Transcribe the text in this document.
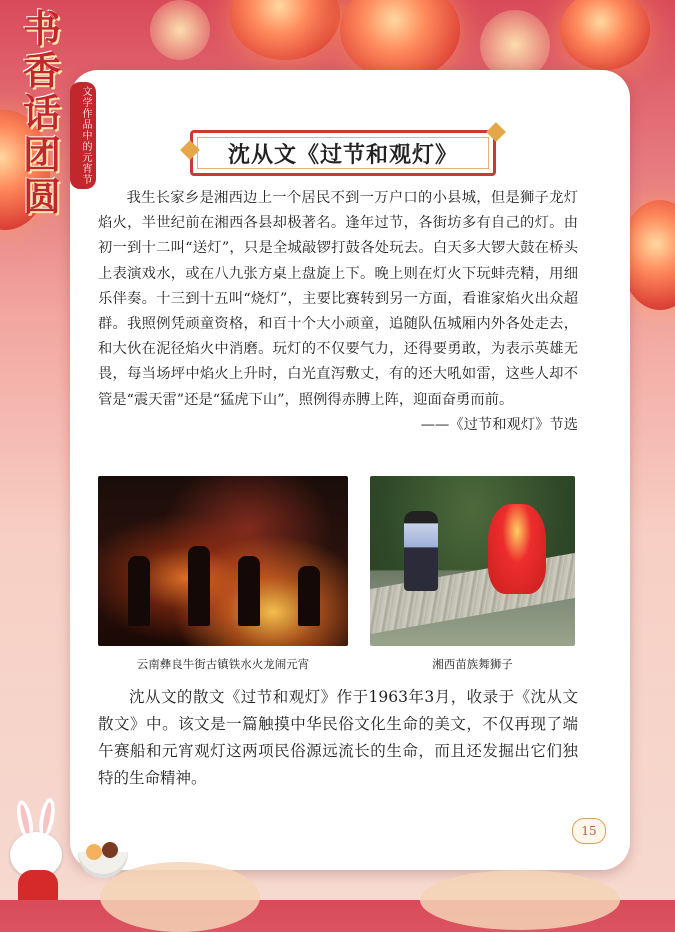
书
香
话
团
圆
文学作品中的元宵节	沈从文《过节和观灯》

我生长家乡是湘西边上一个居民不到一万户口的小县城，但是狮子龙灯焰火，半世纪前在湘西各县却极著名。逢年过节，各街坊多有自己的灯。由初一到十二叫“送灯”，只是全城敲锣打鼓各处玩去。白天多大锣大鼓在桥头上表演戏水，或在八九张方桌上盘旋上下。晚上则在灯火下玩蚌壳精，用细乐伴奏。十三到十五叫“烧灯”，主要比赛转到另一方面，看谁家焰火出众超群。我照例凭顽童资格，和百十个大小顽童，追随队伍城厢内外各处走去，和大伙在泥径焰火中消磨。玩灯的不仅要气力，还得要勇敢，为表示英雄无畏，每当场坪中焰火上升时，白光直泻敷丈，有的还大吼如雷，这些人却不管是“震天雷”还是“猛虎下山”，照例得赤膊上阵，迎面奋勇而前。

——《过节和观灯》节选
云南彝良牛街古镇铁水火龙闹元宵	湘西苗族舞狮子

沈从文的散文《过节和观灯》作于1963年3月，收录于《沈从文散文》中。该文是一篇触摸中华民俗文化生命的美文，不仅再现了端午赛船和元宵观灯这两项民俗源远流长的生命，而且还发掘出它们独特的生命精神。

15
